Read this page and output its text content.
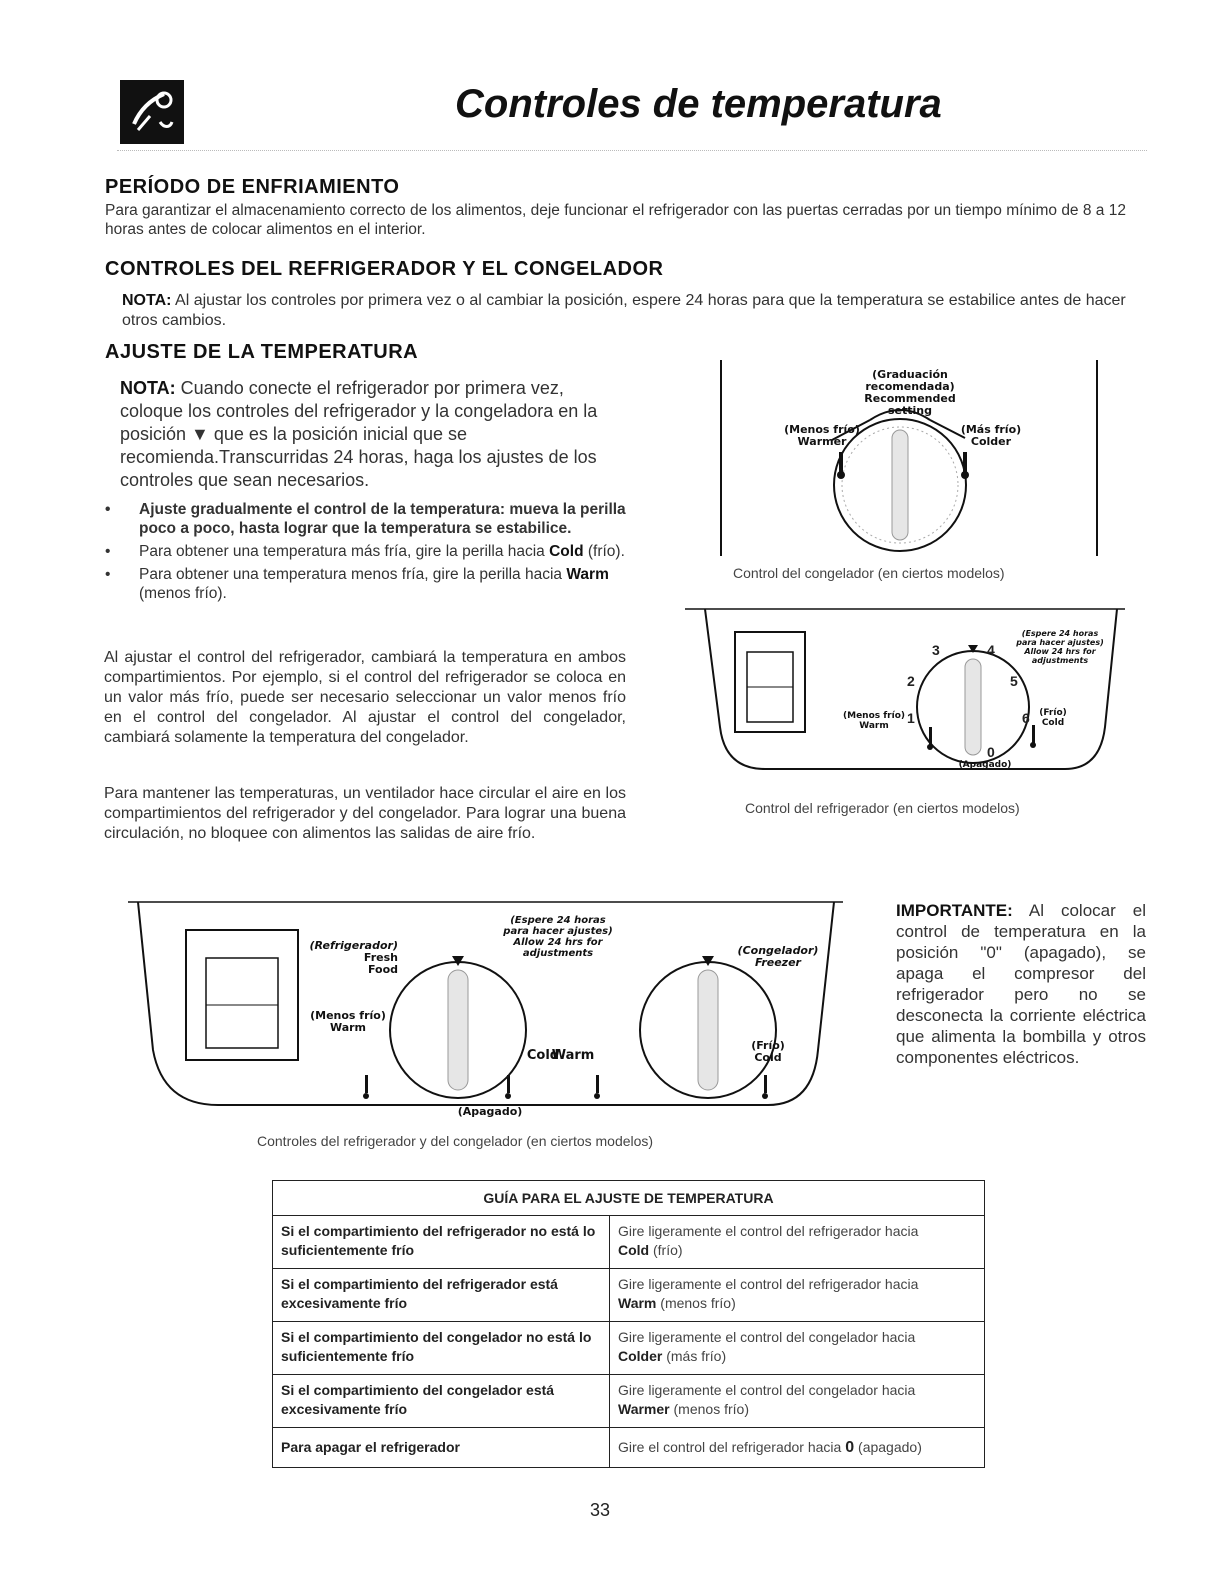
Controles de temperatura
PERÍODO DE ENFRIAMIENTO
Para garantizar el almacenamiento correcto de los alimentos, deje funcionar el refrigerador con las puertas cerradas por un tiempo mínimo de 8 a 12 horas antes de colocar alimentos en el interior.
CONTROLES DEL REFRIGERADOR Y EL CONGELADOR
NOTA: Al ajustar los controles por primera vez o al cambiar la posición, espere 24 horas para que la temperatura se estabilice antes de hacer otros cambios.
AJUSTE DE LA TEMPERATURA
NOTA: Cuando conecte el refrigerador por primera vez, coloque los controles del refrigerador y la congeladora en la posición ▼ que es la posición inicial que se recomienda.Transcurridas 24 horas, haga los ajustes de los controles que sean necesarios.
• Ajuste gradualmente el control de la temperatura: mueva la perilla poco a poco, hasta lograr que la temperatura se estabilice.
• Para obtener una temperatura más fría, gire la perilla hacia Cold (frío).
• Para obtener una temperatura menos fría, gire la perilla hacia Warm (menos frío).
Al ajustar el control del refrigerador, cambiará la temperatura en ambos compartimientos. Por ejemplo, si el control del refrigerador se coloca en un valor más frío, puede ser necesario seleccionar un valor menos frío en el control del congelador. Al ajustar el control del congelador, cambiará solamente la temperatura del congelador.
Para mantener las temperaturas, un ventilador hace circular el aire en los compartimientos del refrigerador y del congelador. Para lograr una buena circulación, no bloquee con alimentos las salidas de aire frío.
(Graduación recomendada)
Recommended
setting
(Menos frío)
Warmer
(Más frío)
Colder
Control del congelador (en ciertos modelos)
3	4
2	5
1	6
0
(Espere 24 horas para hacer ajustes)
Allow 24 hrs for adjustments
(Menos frío)
Warm
(Frío)
Cold
(Apagado)
Control del refrigerador (en ciertos modelos)
(Espere 24 horas para hacer ajustes)
Allow 24 hrs for adjustments
(Refrigerador)
Fresh
Food
(Menos frío)
Warm
Cold
(Apagado)
(Congelador)
Freezer
Warm
(Frío)
Cold
Controles del refrigerador y del congelador (en ciertos modelos)
IMPORTANTE: Al colocar el control de temperatura en la posición "0" (apagado), se apaga el compresor del refrigerador pero no se desconecta la corriente eléctrica que alimenta la bombilla y otros componentes eléctricos.
GUÍA PARA EL AJUSTE DE TEMPERATURA	
Si el compartimiento del refrigerador no está lo suficientemente frío	Gire ligeramente el control del refrigerador hacia
Cold (frío)
Si el compartimiento del refrigerador está excesivamente frío	Gire ligeramente el control del refrigerador hacia
Warm (menos frío)
Si el compartimiento del congelador no está lo suficientemente frío	Gire ligeramente el control del congelador hacia
Colder (más frío)
Si el compartimiento del congelador está excesivamente frío	Gire ligeramente el control del congelador hacia
Warmer (menos frío)
Para apagar el refrigerador	Gire el control del refrigerador hacia 0 (apagado)
33
